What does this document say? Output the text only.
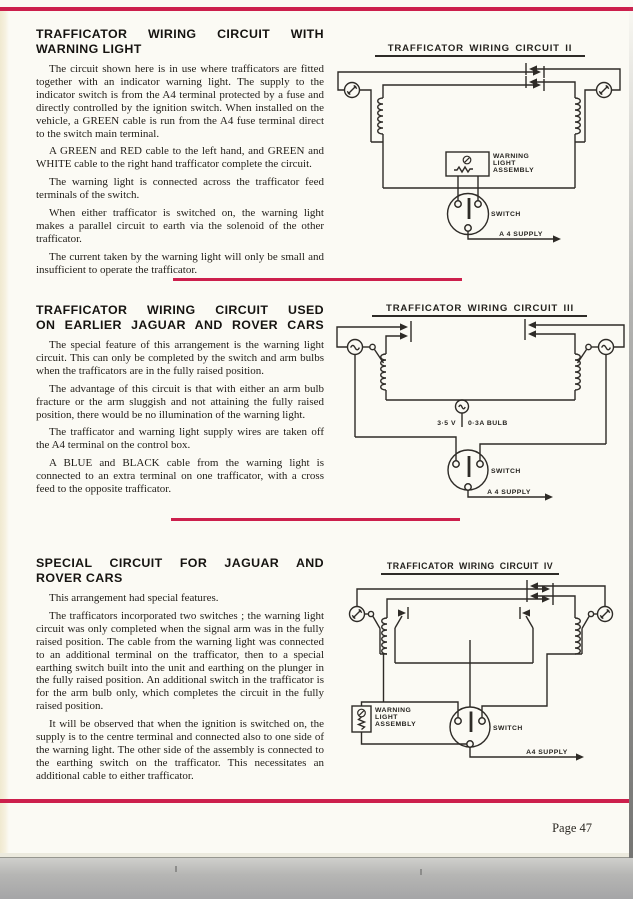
TRAFFICATOR WIRING CIRCUIT WITH
WARNING LIGHT

The circuit shown here is in use where trafficators are fitted together with an indicator warning light. The supply to the indicator switch is from the A4 terminal protected by a fuse and directly controlled by the ignition switch. When installed on the vehicle, a GREEN cable is run from the A4 fuse terminal direct to the switch main terminal.

A GREEN and RED cable to the left hand, and GREEN and WHITE cable to the right hand trafficator complete the circuit.

The warning light is connected across the trafficator feed terminals of the switch.

When either trafficator is switched on, the warning light makes a parallel circuit to earth via the solenoid of the other trafficator.

The current taken by the warning light will only be small and insufficient to operate the trafficator.

TRAFFICATOR WIRING CIRCUIT USED
ON EARLIER JAGUAR AND ROVER CARS

The special feature of this arrangement is the warning light circuit. This can only be completed by the switch and arm bulbs when the trafficators are in the fully raised position.

The advantage of this circuit is that with either an arm bulb fracture or the arm sluggish and not attaining the fully raised position, there would be no illumination of the warning light.

The trafficator and warning light supply wires are taken off the A4 terminal on the control box.

A BLUE and BLACK cable from the warning light is connected to an extra terminal on one trafficator, with a cross feed to the opposite trafficator.

SPECIAL CIRCUIT FOR JAGUAR AND
ROVER CARS

This arrangement had special features.

The trafficators incorporated two switches ; the warning light circuit was only completed when the signal arm was in the fully raised position. The cable from the warning light was connected to an additional terminal on the trafficator, then to a special earthing switch built into the unit and earthing on the plunger in the fully raised position. An additional switch in the trafficator is for the arm bulb only, which completes the circuit in the fully raised position.

It will be observed that when the ignition is switched on, the supply is to the centre terminal and connected also to one side of the warning light. The other side of the assembly is connected to the earthing switch on the trafficator. This necessitates an additional cable to either trafficator.

TRAFFICATOR WIRING CIRCUIT II
WARNING
LIGHT
ASSEMBLY
SWITCH
A 4 SUPPLY
TRAFFICATOR WIRING CIRCUIT III
3·5 V 0·3A BULB
SWITCH
A 4 SUPPLY
TRAFFICATOR WIRING CIRCUIT IV
WARNING
LIGHT
ASSEMBLY
SWITCH
A4 SUPPLY
Page 47
